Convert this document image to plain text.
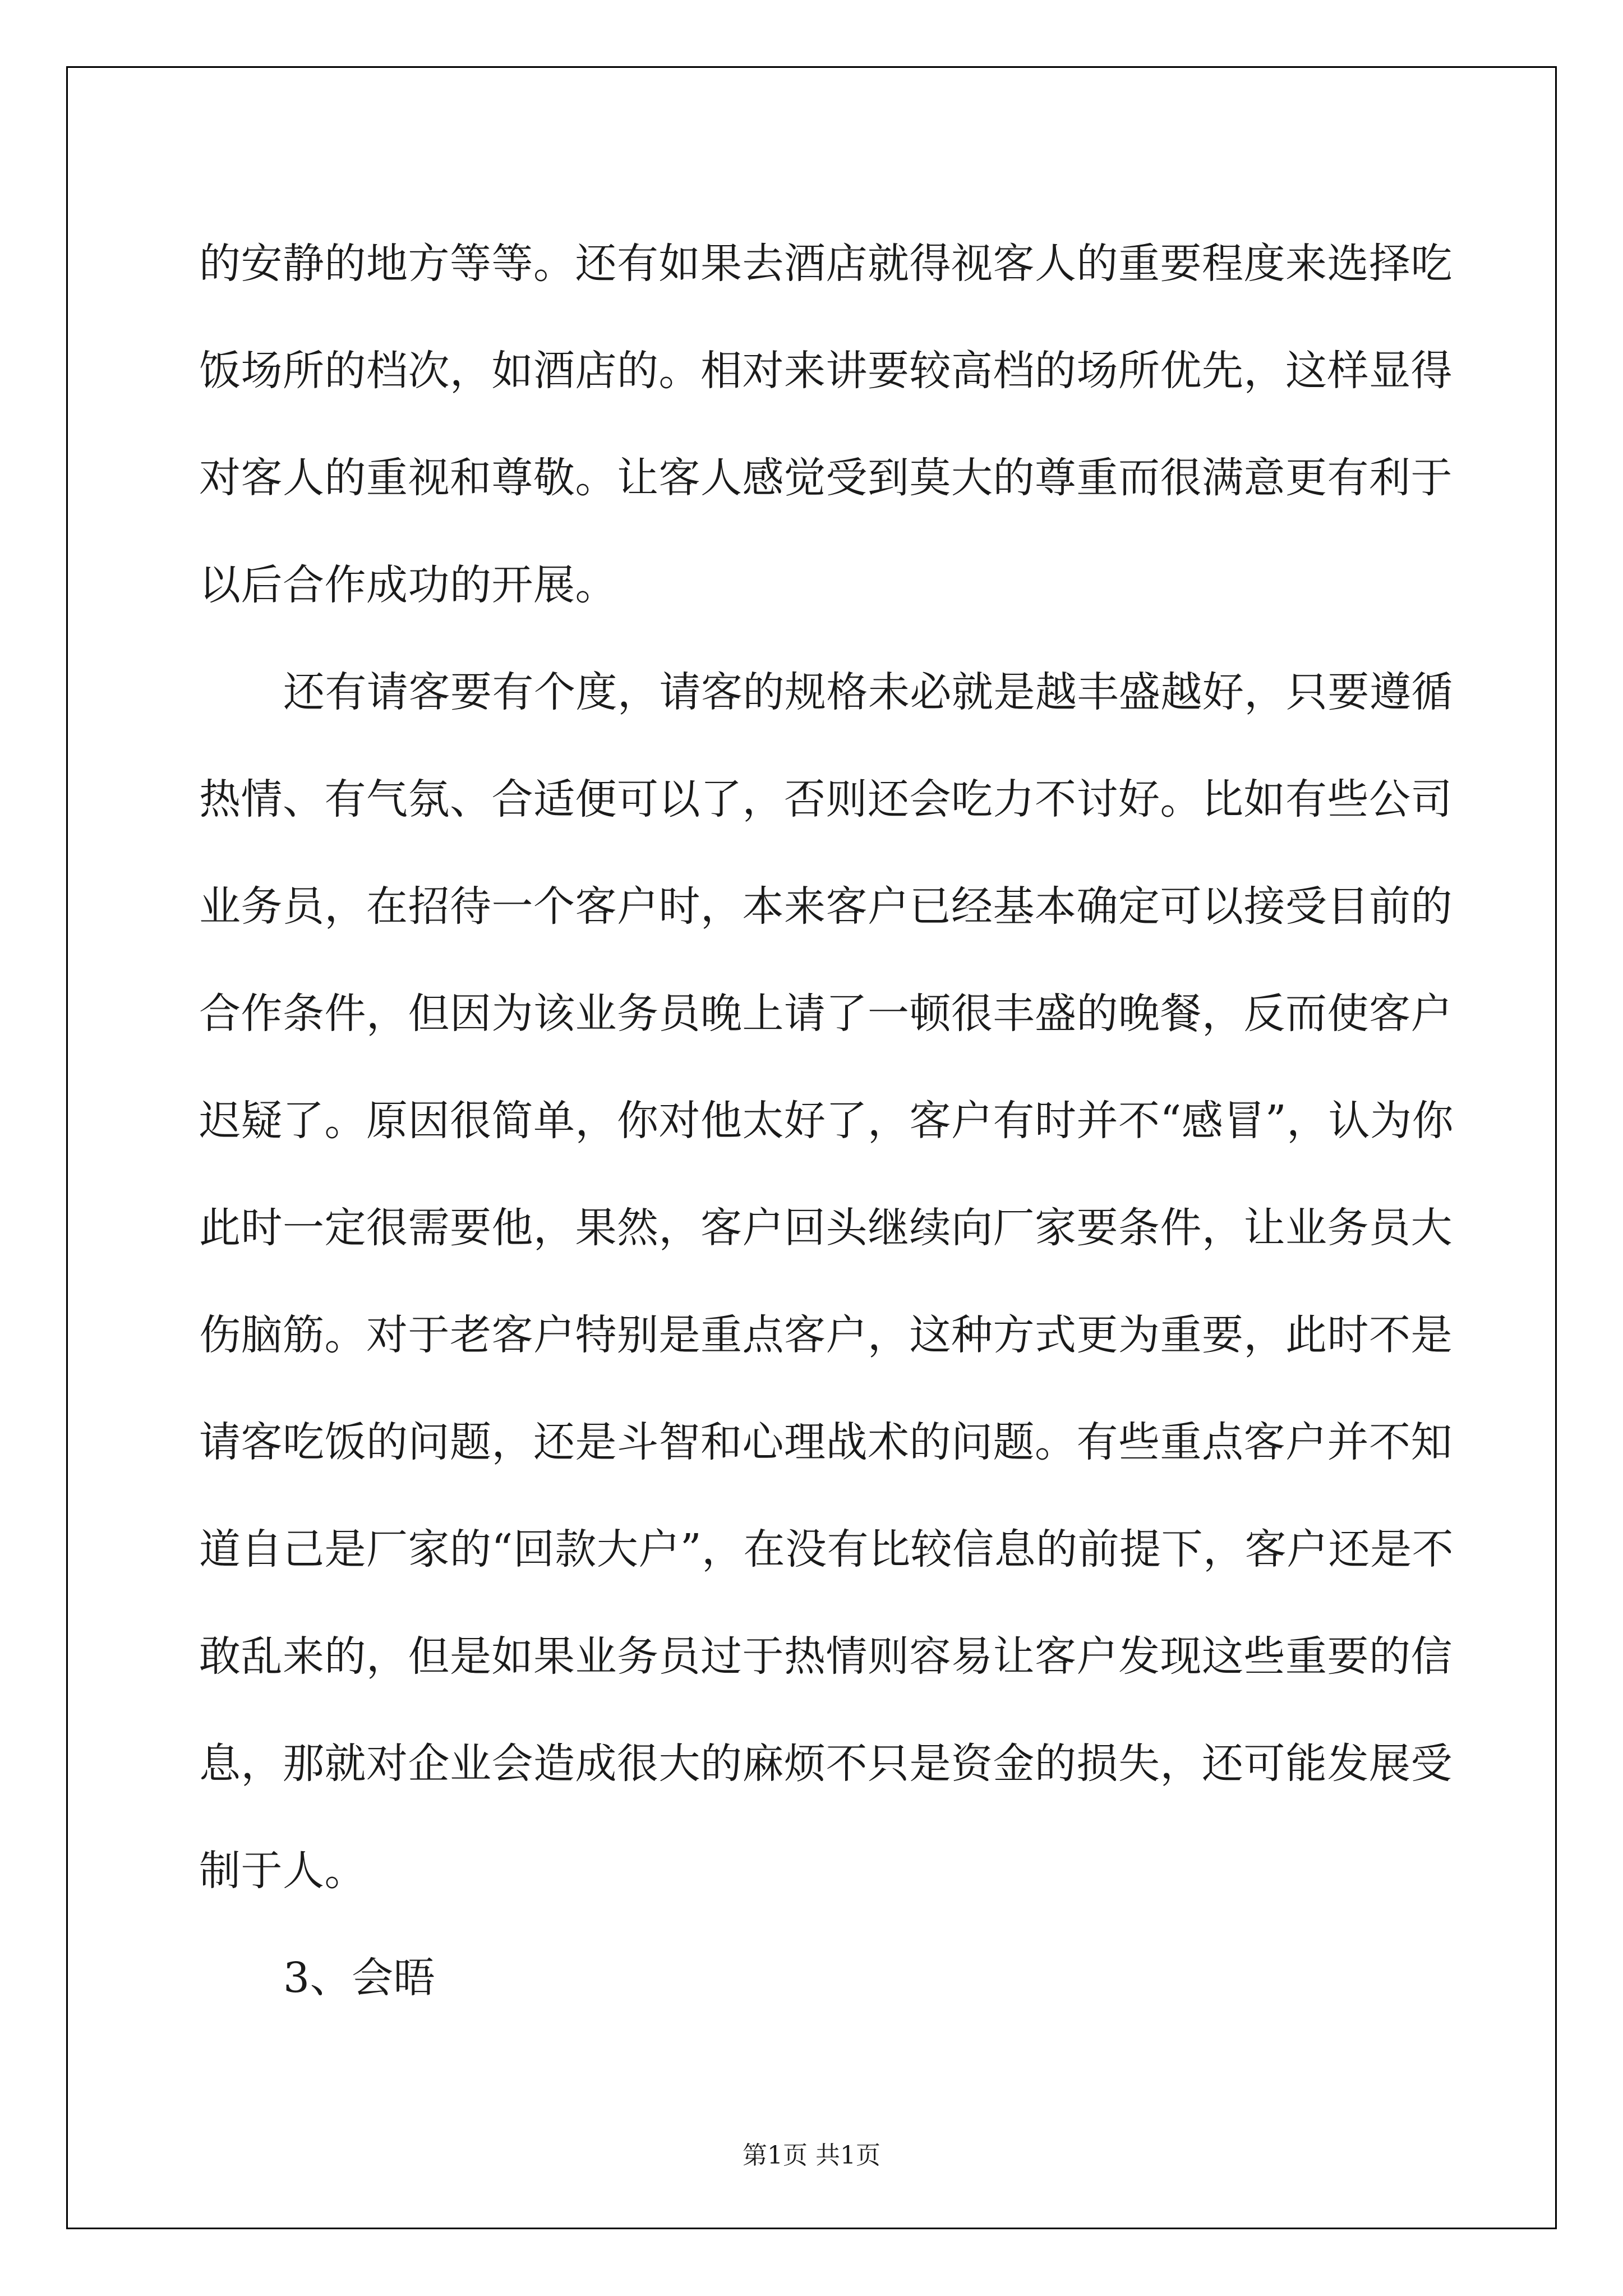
的安静的地方等等。还有如果去酒店就得视客人的重要程度来选择吃
饭场所的档次，如酒店的。相对来讲要较高档的场所优先，这样显得
对客人的重视和尊敬。让客人感觉受到莫大的尊重而很满意更有利于
以后合作成功的开展。

还有请客要有个度，请客的规格未必就是越丰盛越好，只要遵循
热情、有气氛、合适便可以了，否则还会吃力不讨好。比如有些公司
业务员，在招待一个客户时，本来客户已经基本确定可以接受目前的
合作条件，但因为该业务员晚上请了一顿很丰盛的晚餐，反而使客户
迟疑了。原因很简单，你对他太好了，客户有时并不“感冒”，认为你
此时一定很需要他，果然，客户回头继续向厂家要条件，让业务员大
伤脑筋。对于老客户特别是重点客户，这种方式更为重要，此时不是
请客吃饭的问题，还是斗智和心理战术的问题。有些重点客户并不知
道自己是厂家的“回款大户”，在没有比较信息的前提下，客户还是不
敢乱来的，但是如果业务员过于热情则容易让客户发现这些重要的信
息，那就对企业会造成很大的麻烦不只是资金的损失，还可能发展受
制于人。

3、会晤

第1页 共1页
